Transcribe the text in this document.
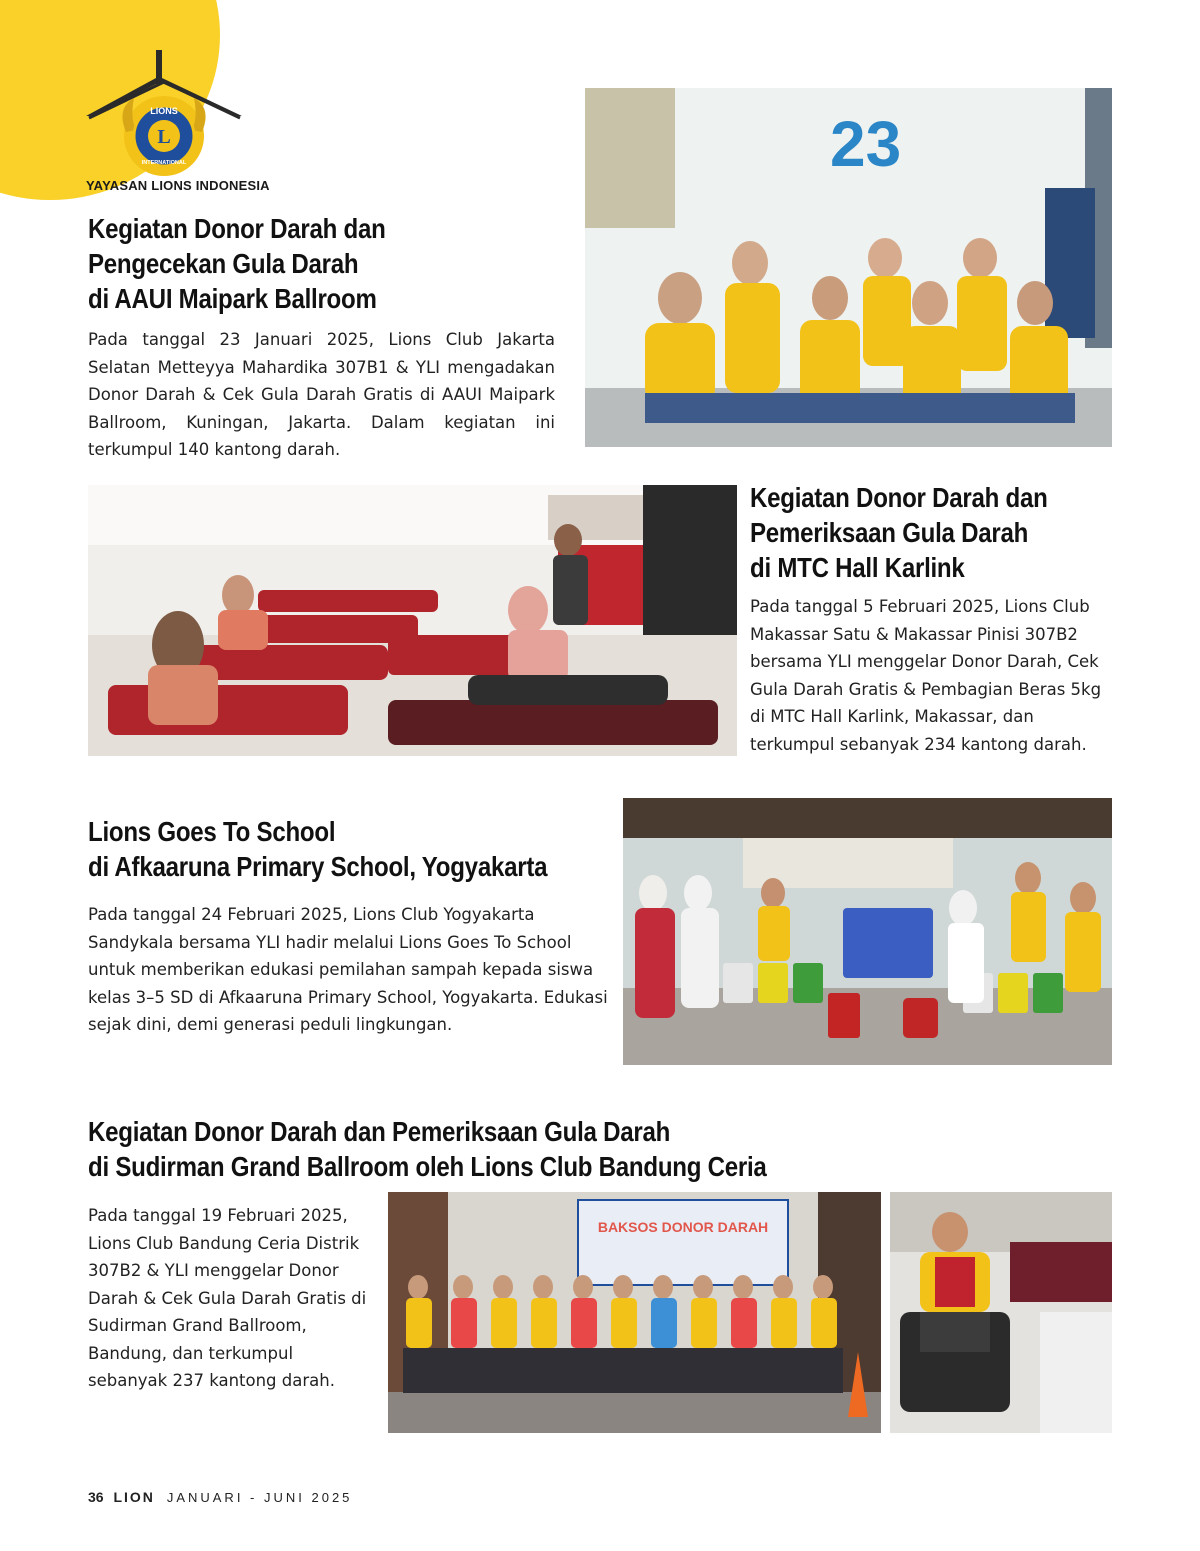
L
LIONS
INTERNATIONAL
YAYASAN LIONS INDONESIA
Kegiatan Donor Darah dan
Pengecekan Gula Darah
di AAUI Maipark Ballroom

Pada tanggal 23 Januari 2025, Lions Club Jakarta Selatan Metteyya Mahardika 307B1 & YLI mengadakan Donor Darah & Cek Gula Darah Gratis di AAUI Maipark Ballroom, Kuningan, Jakarta. Dalam kegiatan ini terkumpul 140 kantong darah.

23
Kegiatan Donor Darah dan
Pemeriksaan Gula Darah
di MTC Hall Karlink

Pada tanggal 5 Februari 2025, Lions Club Makassar Satu & Makassar Pinisi 307B2 bersama YLI menggelar Donor Darah, Cek Gula Darah Gratis & Pembagian Beras 5kg di MTC Hall Karlink, Makassar, dan terkumpul sebanyak 234 kantong darah.

Lions Goes To School
di Afkaaruna Primary School, Yogyakarta

Pada tanggal 24 Februari 2025, Lions Club Yogyakarta Sandykala bersama YLI hadir melalui Lions Goes To School untuk memberikan edukasi pemilahan sampah kepada siswa kelas 3–5 SD di Afkaaruna Primary School, Yogyakarta. Edukasi sejak dini, demi generasi peduli lingkungan.

Kegiatan Donor Darah dan Pemeriksaan Gula Darah
di Sudirman Grand Ballroom oleh Lions Club Bandung Ceria

Pada tanggal 19 Februari 2025, Lions Club Bandung Ceria Distrik 307B2 & YLI menggelar Donor Darah & Cek Gula Darah Gratis di Sudirman Grand Ballroom, Bandung, dan terkumpul sebanyak 237 kantong darah.

BAKSOS DONOR DARAH
36 LION JANUARI - JUNI 2025
